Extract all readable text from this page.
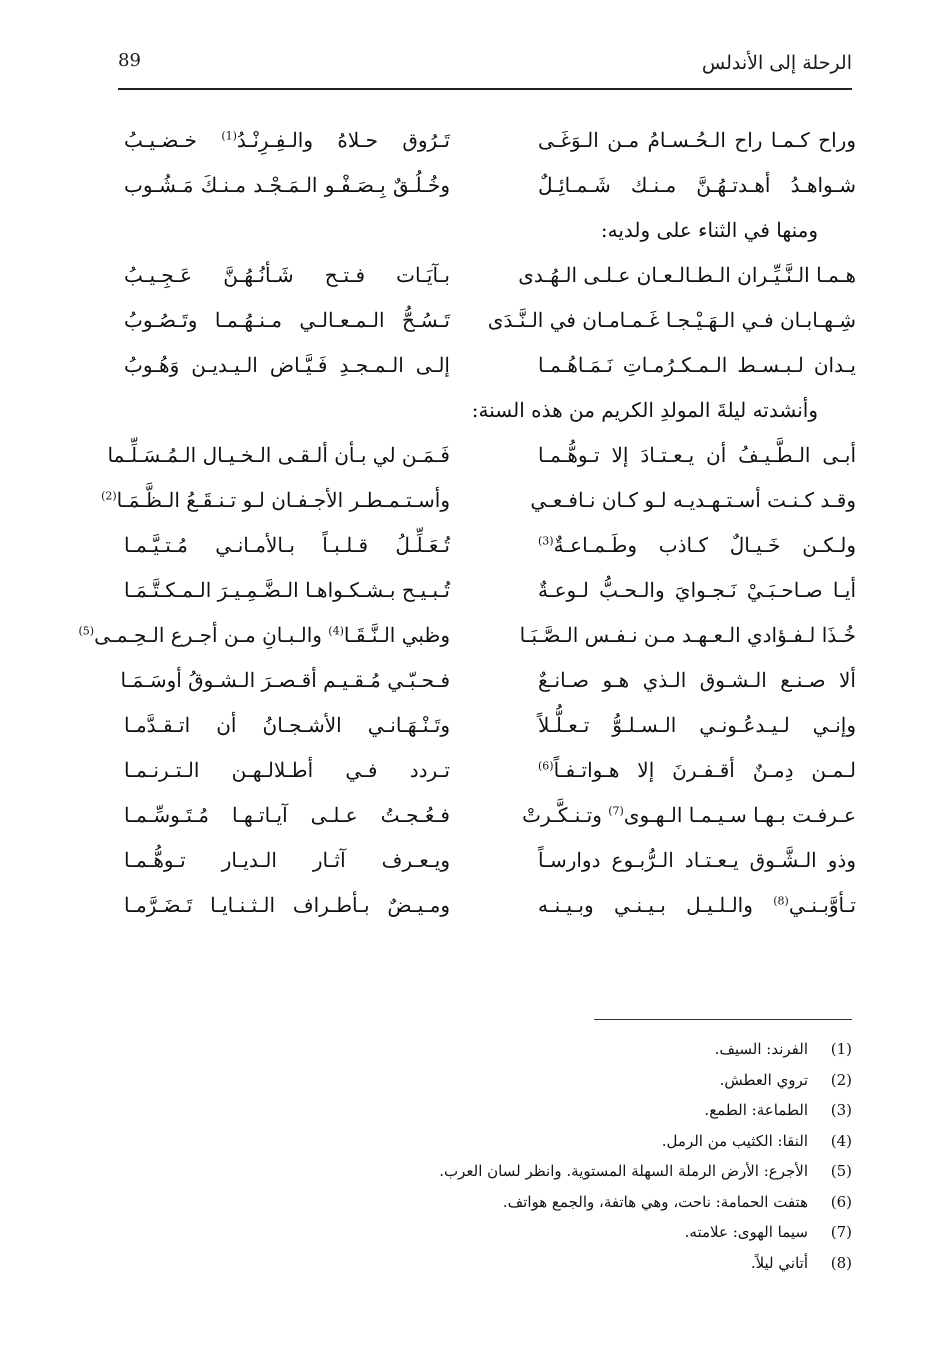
89	الرحلة إلى الأندلس
وراح كـمـا راح الـحُـسـامُ مـن الـوَغَـى
تَـرُوق حـلاهُ والـفِـرِنْـدُ$^{(1)}$ خـضـيـبُ
شـواهـدُ أهـدتـهُـنَّ مـنـك شَـمـائِـلٌ
وخُـلُـقٌ بِـصَـفْـو الـمَـجْـد مـنـكَ مَـشُـوب
ومنها في الثناء على ولديه:
هـمـا الـنَّـيِّـران الـطـالـعـان عـلـى الـهُـدى
بـآيَـات فـتـح شَـأنُـهُـنَّ عَـجِـيـبُ
شِـهـابـان فـي الـهَـيْـجـا غَـمـامـان في الـنَّـدَى
تَـسُـحُّ الـمـعـالـي مـنـهُـمـا وتَـصُـوبُ
يـدان لـبـسـط الـمـكـرُمـاتِ نَـمَـاهُـمـا
إلـى الـمـجـدِ فَـيَّـاض الـيـديـن وَهُـوبُ
وأنشدته ليلةَ المولدِ الكريم من هذه السنة:
أبـى الـطَّـيـفُ أن يـعـتـادَ إلا تـوهُّـمـا
فَـمَـن لي بـأن ألـقـى الـخـيـال الـمُـسَـلِّـما
وقـد كـنـت أسـتـهـديـه لـو كـان نـافـعـي
وأسـتـمـطـر الأجـفـان لـو تـنـقَـعُ الـظَّـمَـا$^{(2)}$
ولـكـن خَـيـالٌ كـاذب وطَـمـاعـةٌ$^{(3)}$
تُـعَـلِّـلُ قـلـبـاً بـالأمـانـي مُـتـيَّـمـا
أيـا صـاحـبَـيْ نَـجـوايَ والـحـبُّ لـوعـةٌ
تُـبـيـح بـشـكـواهـا الـضَّـمِـيـرَ الـمـكـتَّـمَـا
خُـذَا لـفـؤادي الـعـهـد مـن نـفـس الـصَّـبَـا
وظبي الـنَّـقَـا$^{(4)}$ والـبـانِ مـن أجـرع الـحِـمـى$^{(5)}$
ألا صـنـع الـشـوق الـذي هـو صـانـعٌ
فـحـبّـي مُـقـيـم أقـصـرَ الـشـوقُ أوسَـمَـا
وإنـي لـيـدعُـونـي الـسـلـوُّ تـعـلُّـلاً
وتَـنْـهَـانـي الأشـجـانُ أن اتـقـدَّمـا
لـمـن دِمـنٌ أقـفـرنَ إلا هـواتـفـاً$^{(6)}$
تـردد فـي أطـلالـهـن الـتـرنـمـا
عـرفـت بـهـا سـيـمـا الـهـوى$^{(7)}$ وتـنـكَّـرتْ
فـعُـجـتُ عـلـى آيـاتـهـا مُـتَـوسِّـمـا
وذو الـشَّـوق يـعـتـاد الـرُّبـوع دوارسـاً
ويـعـرف آثـار الـديـار تـوهُّـمـا
تـأوَّبـنـي$^{(8)}$ والـلـيـل بـيـنـي وبـيـنـه
ومـيـضٌ بـأطـراف الـثـنـايـا تَـضَـرَّمـا
(1)
الفرند: السيف.
(2)
تروي العطش.
(3)
الطماعة: الطمع.
(4)
النقا: الكثيب من الرمل.
(5)
الأجرع: الأرض الرملة السهلة المستوية. وانظر لسان العرب.
(6)
هتفت الحمامة: ناحت، وهي هاتفة، والجمع هواتف.
(7)
سيما الهوى: علامته.
(8)
أتاني ليلاً.
